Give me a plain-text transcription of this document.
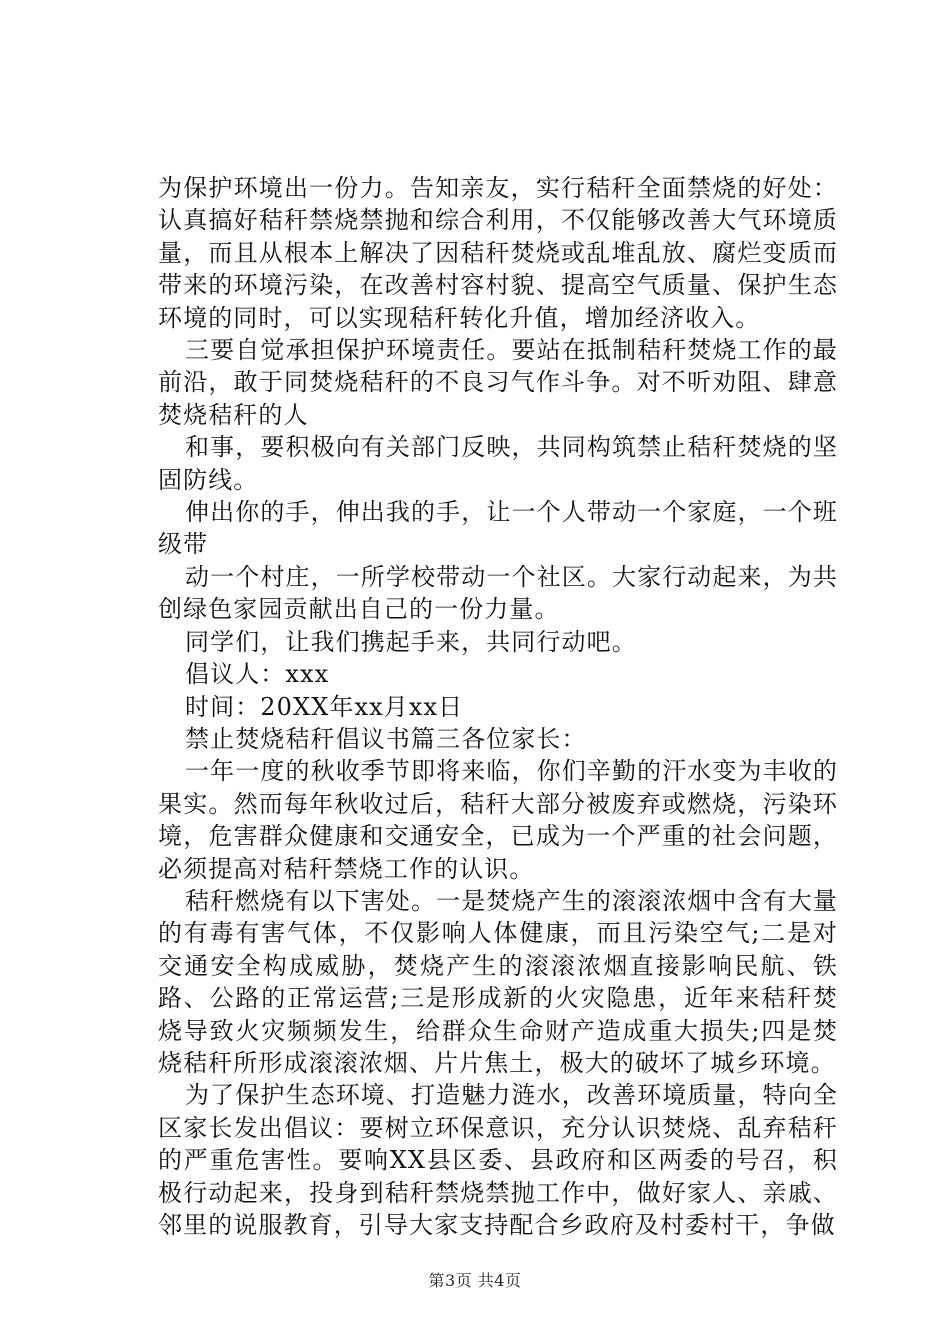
为保护环境出一份力。告知亲友，实行秸秆全面禁烧的好处：认真搞好秸秆禁烧禁抛和综合利用，不仅能够改善大气环境质量，而且从根本上解决了因秸秆焚烧或乱堆乱放、腐烂变质而带来的环境污染，在改善村容村貌、提高空气质量、保护生态环境的同时，可以实现秸秆转化升值，增加经济收入。

三要自觉承担保护环境责任。要站在抵制秸秆焚烧工作的最前沿，敢于同焚烧秸秆的不良习气作斗争。对不听劝阻、肆意焚烧秸秆的人

和事，要积极向有关部门反映，共同构筑禁止秸秆焚烧的坚固防线。

伸出你的手，伸出我的手，让一个人带动一个家庭，一个班级带

动一个村庄，一所学校带动一个社区。大家行动起来，为共创绿色家园贡献出自己的一份力量。

同学们，让我们携起手来，共同行动吧。

倡议人：xxx

时间：20XX年xx月xx日

禁止焚烧秸秆倡议书篇三各位家长：

一年一度的秋收季节即将来临，你们辛勤的汗水变为丰收的果实。然而每年秋收过后，秸秆大部分被废弃或燃烧，污染环境，危害群众健康和交通安全，已成为一个严重的社会问题，必须提高对秸秆禁烧工作的认识。

秸秆燃烧有以下害处。一是焚烧产生的滚滚浓烟中含有大量的有毒有害气体，不仅影响人体健康，而且污染空气;二是对交通安全构成威胁，焚烧产生的滚滚浓烟直接影响民航、铁路、公路的正常运营;三是形成新的火灾隐患，近年来秸秆焚烧导致火灾频频发生，给群众生命财产造成重大损失;四是焚烧秸秆所形成滚滚浓烟、片片焦土，极大的破坏了城乡环境。

为了保护生态环境、打造魅力涟水，改善环境质量，特向全区家长发出倡议：要树立环保意识，充分认识焚烧、乱弃秸秆的严重危害性。要响XX县区委、县政府和区两委的号召，积极行动起来，投身到秸秆禁烧禁抛工作中，做好家人、亲戚、邻里的说服教育，引导大家支持配合乡政府及村委村干，争做

第3页 共4页
